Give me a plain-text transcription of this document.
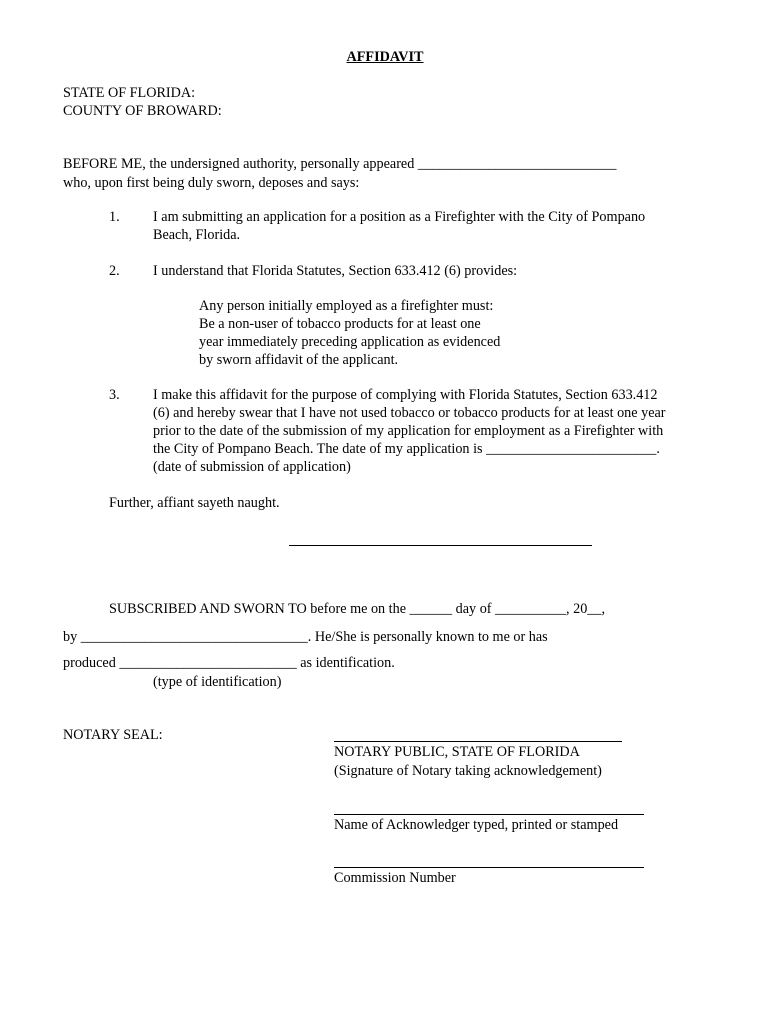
AFFIDAVIT
STATE OF FLORIDA:
COUNTY OF BROWARD:
BEFORE ME, the undersigned authority, personally appeared ____________________________
who, upon first being duly sworn, deposes and says:
1. I am submitting an application for a position as a Firefighter with the City of Pompano
Beach, Florida.
2. I understand that Florida Statutes, Section 633.412 (6) provides:
Any person initially employed as a firefighter must:
Be a non-user of tobacco products for at least one
year immediately preceding application as evidenced
by sworn affidavit of the applicant.
3. I make this affidavit for the purpose of complying with Florida Statutes, Section 633.412
(6) and hereby swear that I have not used tobacco or tobacco products for at least one year
prior to the date of the submission of my application for employment as a Firefighter with
the City of Pompano Beach. The date of my application is ________________________.
(date of submission of application)
Further, affiant sayeth naught.
SUBSCRIBED AND SWORN TO before me on the ______ day of __________, 20__,
by ________________________________. He/She is personally known to me or has
produced _________________________ as identification.
(type of identification)
NOTARY SEAL:
NOTARY PUBLIC, STATE OF FLORIDA
(Signature of Notary taking acknowledgement)
Name of Acknowledger typed, printed or stamped
Commission Number
